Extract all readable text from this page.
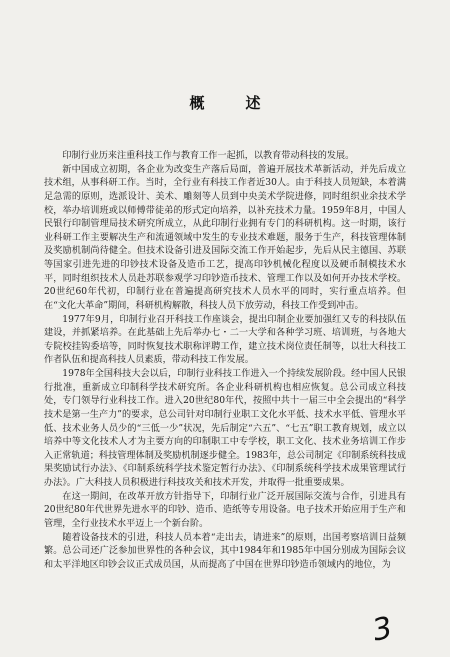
概　述

印制行业历来注重科技工作与教育工作一起抓，以教育带动科技的发展。

新中国成立初期，各企业为改变生产落后局面，普遍开展技术革新活动，并先后成立技术组，从事科研工作。当时，全行业有科技工作者近30人。由于科技人员短缺，本着满足急需的原则，选派设计、美术、雕刻等人员到中央美术学院进修，同时组织业余技术学校，举办培训班或以师傅带徒弟的形式定向培养，以补充技术力量。1959年8月，中国人民银行印制管理局技术研究所成立，从此印制行业拥有专门的科研机构。这一时期，该行业科研工作主要解决生产和流通领域中发生的专业技术难题，服务于生产，科技管理体制及奖励机制尚待健全。但技术设备引进及国际交流工作开始起步，先后从民主德国、苏联等国家引进先进的印钞技术设备及造币工艺，提高印钞机械化程度以及硬币制模技术水平，同时组织技术人员赴苏联参观学习印钞造币技术、管理工作以及如何开办技术学校。20世纪60年代初，印制行业在普遍提高研究技术人员水平的同时，实行重点培养。但在“文化大革命”期间，科研机构解散，科技人员下放劳动，科技工作受到冲击。

1977年9月，印制行业召开科技工作座谈会，提出印制企业要加强红又专的科技队伍建设，并抓紧培养。在此基础上先后举办七・二一大学和各种学习班、培训班，与各地大专院校挂钩委培等，同时恢复技术职称评聘工作，建立技术岗位责任制等，以壮大科技工作者队伍和提高科技人员素质，带动科技工作发展。

1978年全国科技大会以后，印制行业科技工作进入一个持续发展阶段。经中国人民银行批准，重新成立印制科学技术研究所。各企业科研机构也相应恢复。总公司成立科技处，专门领导行业科技工作。进入20世纪80年代，按照中共十一届三中全会提出的“科学技术是第一生产力”的要求，总公司针对印制行业职工文化水平低、技术水平低、管理水平低、技术业务人员少的“三低一少”状况，先后制定“六五”、“七五”职工教育规划，成立以培养中等文化技术人才为主要方向的印制职工中专学校，职工文化、技术业务培训工作步入正常轨道；科技管理体制及奖励机制逐步健全。1983年，总公司制定《印制系统科技成果奖励试行办法》、《印制系统科学技术鉴定暂行办法》、《印制系统科学技术成果管理试行办法》。广大科技人员积极进行科技攻关和技术开发，并取得一批重要成果。

在这一期间，在改革开放方针指导下，印制行业广泛开展国际交流与合作，引进具有20世纪80年代世界先进水平的印钞、造币、造纸等专用设备。电子技术开始应用于生产和管理，全行业技术水平迈上一个新台阶。

随着设备技术的引进，科技人员本着“走出去，请进来”的原则，出国考察培训日益频繁。总公司还广泛参加世界性的各种会议，其中1984年和1985年中国分别成为国际会议和太平洋地区印钞会议正式成员国，从而提高了中国在世界印钞造币领域内的地位，为

3
